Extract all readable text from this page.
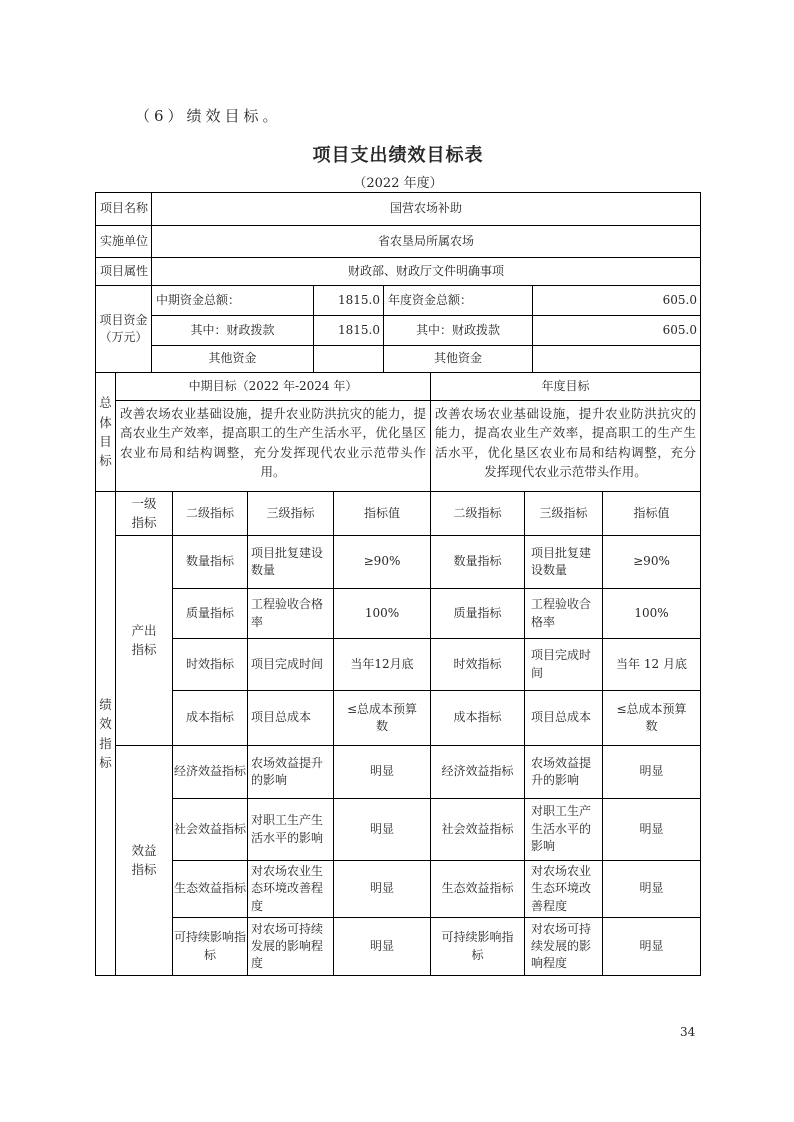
（6）绩效目标。
项目支出绩效目标表
（2022 年度）
项目名称	国营农场补助
实施单位	省农垦局所属农场
项目属性	财政部、财政厅文件明确事项
项目资金（万元）	中期资金总额：	1815.0	年度资金总额：	605.0
	其中：财政拨款	1815.0	其中：财政拨款	605.0
	其他资金		其他资金	
总体目标	中期目标（2022 年-2024 年）	年度目标
	改善农场农业基础设施，提升农业防洪抗灾的能力，提高农业生产效率，提高职工的生产生活水平，优化垦区农业布局和结构调整，充分发挥现代农业示范带头作用。	改善农场农业基础设施，提升农业防洪抗灾的能力，提高农业生产效率，提高职工的生产生活水平，优化垦区农业布局和结构调整，充分发挥现代农业示范带头作用。
绩效指标	一级指标	二级指标	三级指标	指标值	二级指标	三级指标	指标值
	产出指标	数量指标	项目批复建设数量	≥90%	数量指标	项目批复建设数量	≥90%
		质量指标	工程验收合格率	100%	质量指标	工程验收合格率	100%
		时效指标	项目完成时间	当年12月底	时效指标	项目完成时间	当年 12 月底
		成本指标	项目总成本	≤总成本预算数	成本指标	项目总成本	≤总成本预算数
	效益指标	经济效益指标	农场效益提升的影响	明显	经济效益指标	农场效益提升的影响	明显
		社会效益指标	对职工生产生活水平的影响	明显	社会效益指标	对职工生产生活水平的影响	明显
		生态效益指标	对农场农业生态环境改善程度	明显	生态效益指标	对农场农业生态环境改善程度	明显
		可持续影响指标	对农场可持续发展的影响程度	明显	可持续影响指标	对农场可持续发展的影响程度	明显
34
